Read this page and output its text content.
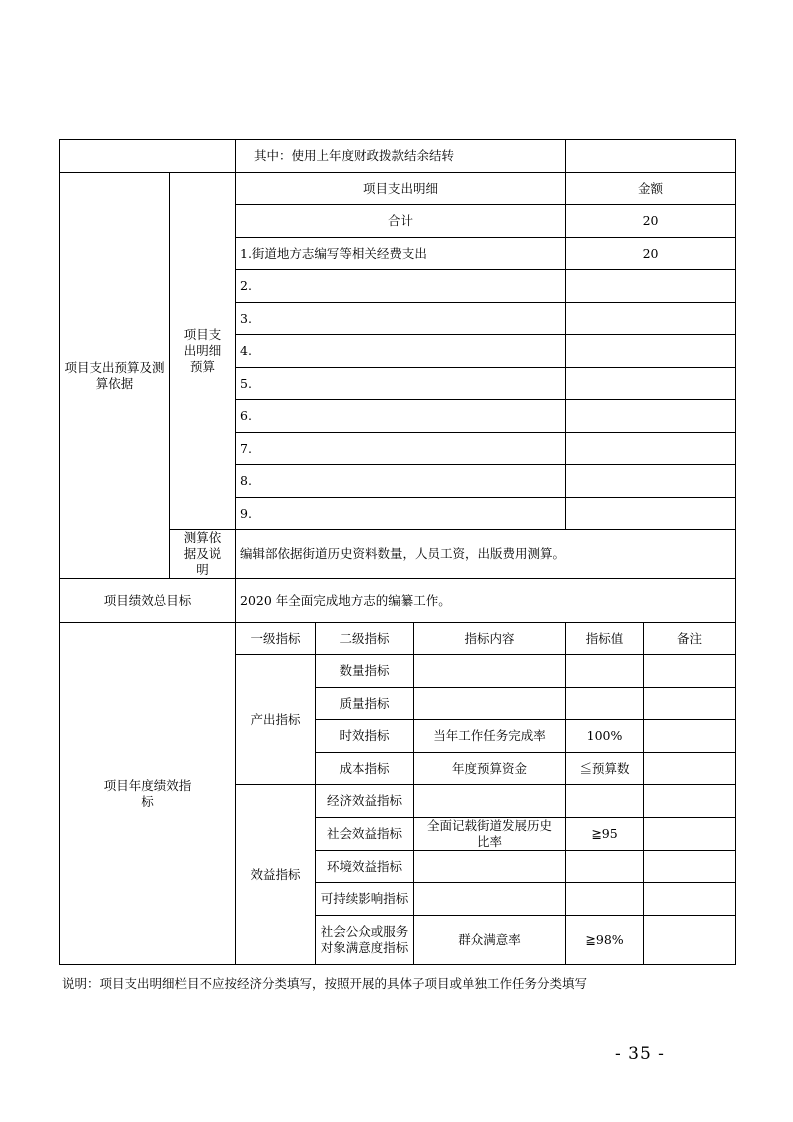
		其中：使用上年度财政拨款结余结转				
项目支出预算及测算依据	项目支出明细预算	项目支出明细			金额	
		合计			20	
		1.街道地方志编写等相关经费支出			20	
		2.				
		3.				
		4.				
		5.				
		6.				
		7.				
		8.				
		9.				
	测算依据及说明	编辑部依据街道历史资料数量，人员工资，出版费用测算。				
项目绩效总目标		2020 年全面完成地方志的编纂工作。				
项目年度绩效指标		一级指标	二级指标	指标内容	指标值	备注
		产出指标	数量指标			
			质量指标			
			时效指标	当年工作任务完成率	100%	
			成本指标	年度预算资金	≦预算数	
		效益指标	经济效益指标			
			社会效益指标	全面记载街道发展历史比率	≧95	
			环境效益指标			
			可持续影响指标			
			社会公众或服务对象满意度指标	群众满意率	≧98%	
说明：项目支出明细栏目不应按经济分类填写，按照开展的具体子项目或单独工作任务分类填写
- 35 -
